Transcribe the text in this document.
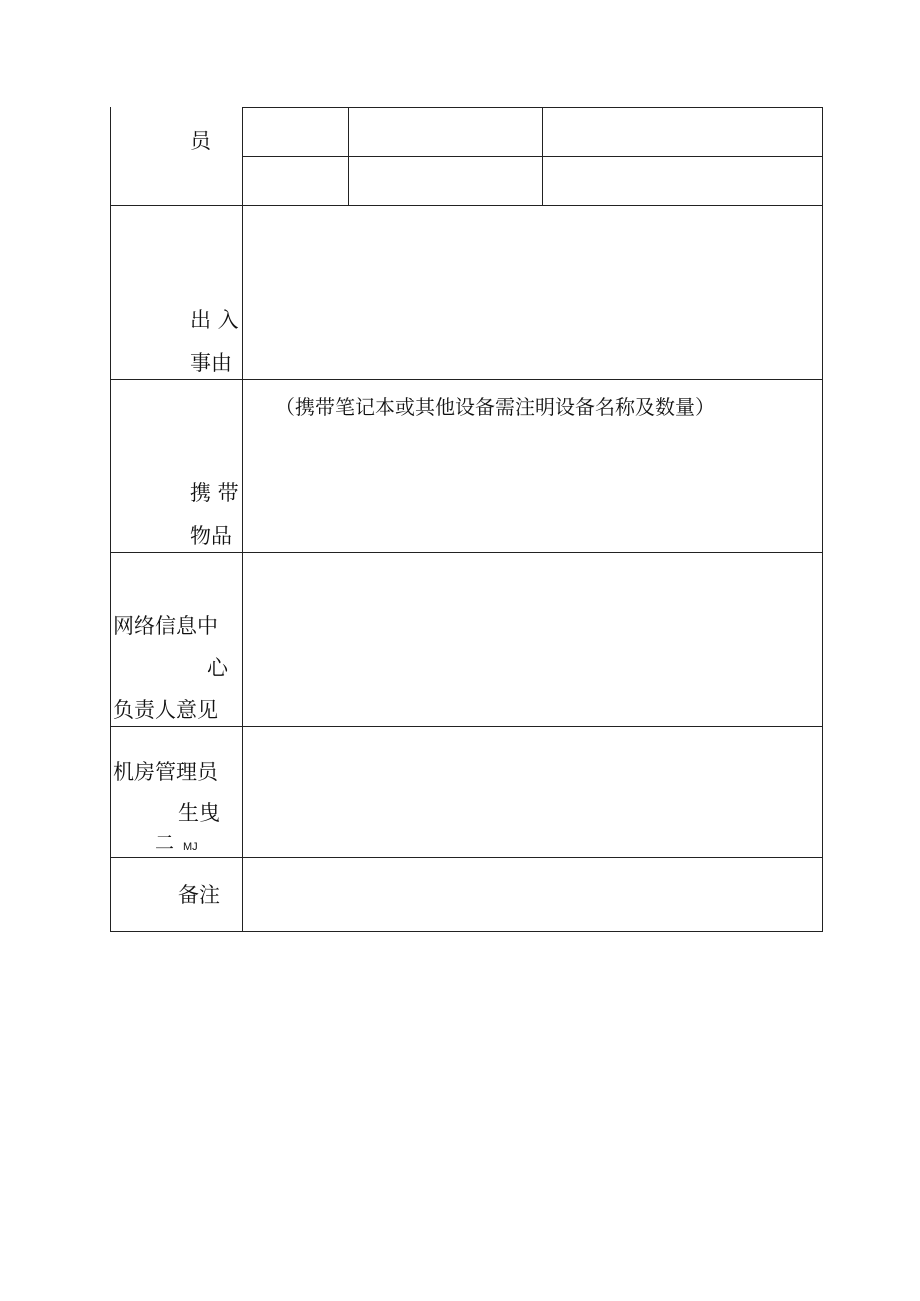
员
出 入
事由
携 带
物品
（携带笔记本或其他设备需注明设备名称及数量）
网络信息中
心
负责人意见
机房管理员
生曳
二 MJ
备注
